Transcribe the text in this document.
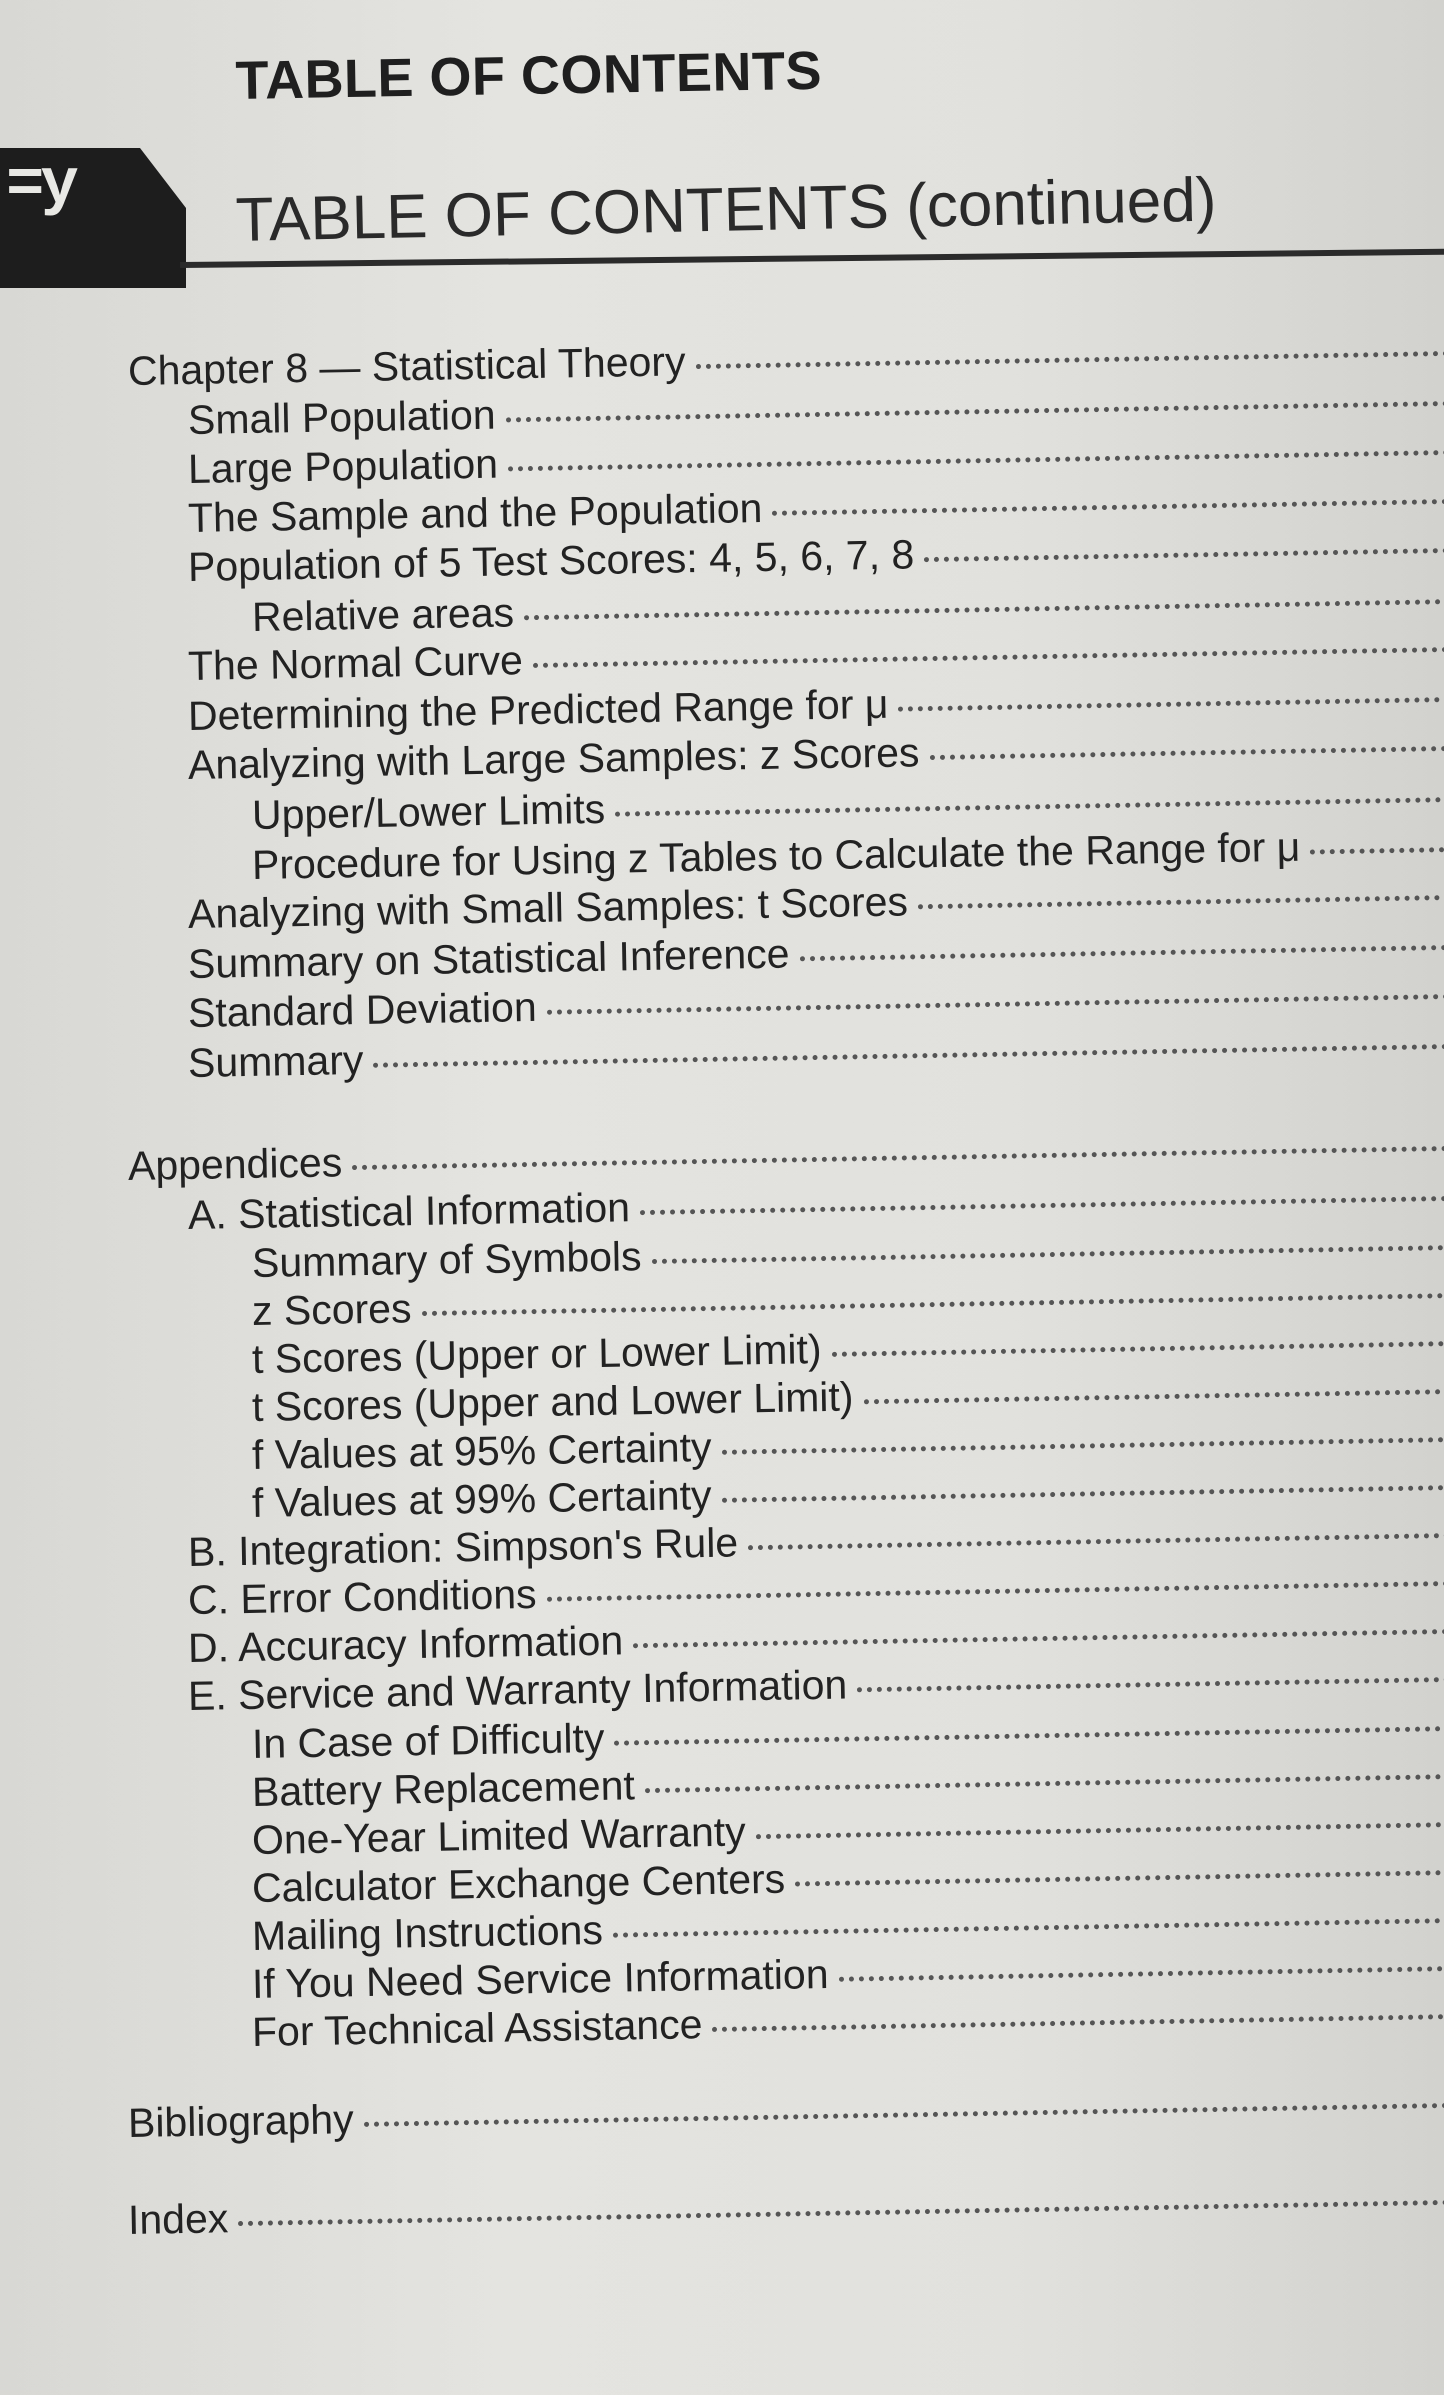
TABLE OF CONTENTS
=y	TABLE OF CONTENTS (continued)
Chapter 8 — Statistical Theory
Small Population
Large Population
The Sample and the Population
Population of 5 Test Scores: 4, 5, 6, 7, 8
Relative areas
The Normal Curve
Determining the Predicted Range for μ
Analyzing with Large Samples: z Scores
Upper/Lower Limits
Procedure for Using z Tables to Calculate the Range for μ
Analyzing with Small Samples: t Scores
Summary on Statistical Inference
Standard Deviation
Summary
Appendices
A. Statistical Information
Summary of Symbols
z Scores
t Scores (Upper or Lower Limit)
t Scores (Upper and Lower Limit)
f Values at 95% Certainty
f Values at 99% Certainty
B. Integration: Simpson's Rule
C. Error Conditions
D. Accuracy Information
E. Service and Warranty Information
In Case of Difficulty
Battery Replacement
One-Year Limited Warranty
Calculator Exchange Centers
Mailing Instructions
If You Need Service Information
For Technical Assistance
Bibliography
Index
